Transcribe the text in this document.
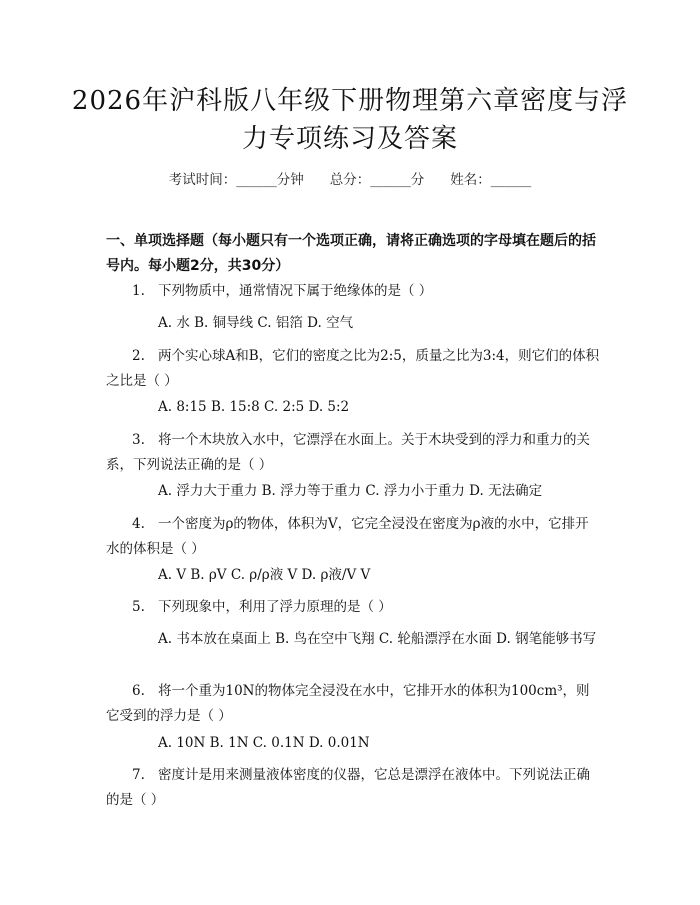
2026年沪科版八年级下册物理第六章密度与浮力专项练习及答案
考试时间：______分钟 总分：______分 姓名：______
一、单项选择题（每小题只有一个选项正确，请将正确选项的字母填在题后的括号内。每小题2分，共30分）
1. 下列物质中，通常情况下属于绝缘体的是（ ）
A. 水 B. 铜导线 C. 铝箔 D. 空气
2. 两个实心球A和B，它们的密度之比为2:5，质量之比为3:4，则它们的体积之比是（ ）
A. 8:15 B. 15:8 C. 2:5 D. 5:2
3. 将一个木块放入水中，它漂浮在水面上。关于木块受到的浮力和重力的关系，下列说法正确的是（ ）
A. 浮力大于重力 B. 浮力等于重力 C. 浮力小于重力 D. 无法确定
4. 一个密度为ρ的物体，体积为V，它完全浸没在密度为ρ液的水中，它排开水的体积是（ ）
A. V B. ρV C. ρ/ρ液 V D. ρ液/V V
5. 下列现象中，利用了浮力原理的是（ ）
A. 书本放在桌面上 B. 鸟在空中飞翔 C. 轮船漂浮在水面 D. 钢笔能够书写
6. 将一个重为10N的物体完全浸没在水中，它排开水的体积为100cm³，则它受到的浮力是（ ）
A. 10N B. 1N C. 0.1N D. 0.01N
7. 密度计是用来测量液体密度的仪器，它总是漂浮在液体中。下列说法正确的是（ ）
